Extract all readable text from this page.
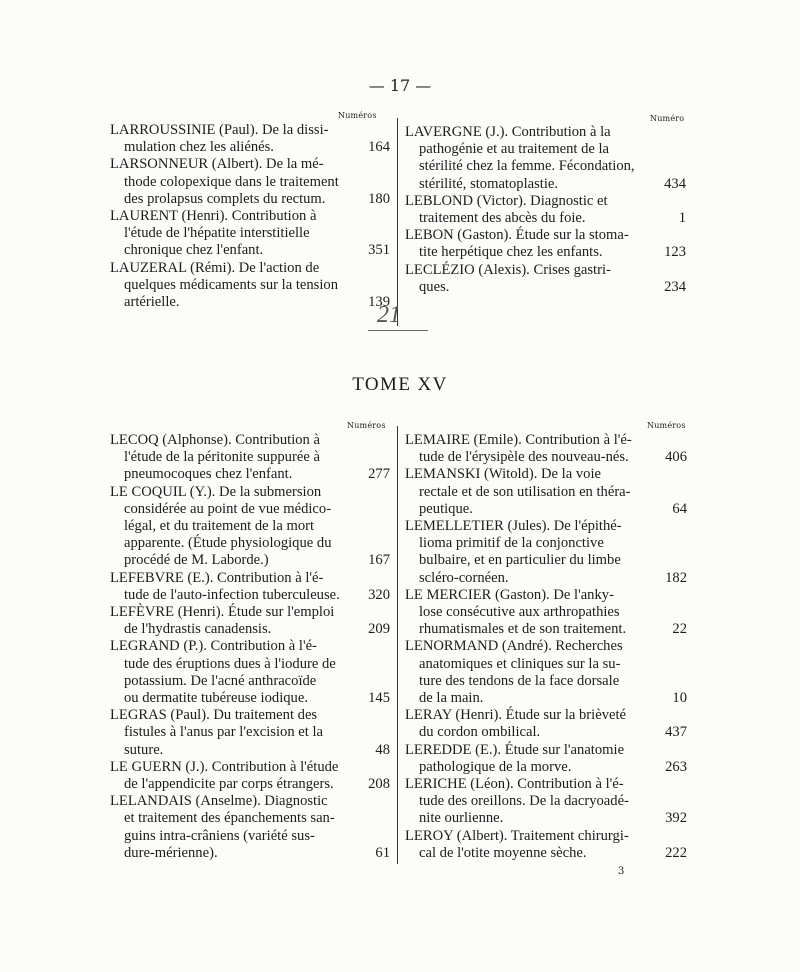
— 17 —
Numéros	Numéro
LARROUSSINIE (Paul). De la dissi-
mulation chez les aliénés.	164
LARSONNEUR (Albert). De la mé-
thode colopexique dans le traitement
des prolapsus complets du rectum.	180
LAURENT (Henri). Contribution à
l'étude de l'hépatite interstitielle
chronique chez l'enfant.	351
LAUZERAL (Rémi). De l'action de
quelques médicaments sur la tension
artérielle.	139
LAVERGNE (J.). Contribution à la
pathogénie et au traitement de la
stérilité chez la femme. Fécondation,
stérilité, stomatoplastie.	434
LEBLOND (Victor). Diagnostic et
traitement des abcès du foie.	1
LEBON (Gaston). Étude sur la stoma-
tite herpétique chez les enfants.	123
LECLÉZIO (Alexis). Crises gastri-
ques.	234
21
TOME XV
Numéros	Numéros
LECOQ (Alphonse). Contribution à
l'étude de la péritonite suppurée à
pneumocoques chez l'enfant.	277
LE COQUIL (Y.). De la submersion
considérée au point de vue médico-
légal, et du traitement de la mort
apparente. (Étude physiologique du
procédé de M. Laborde.)	167
LEFEBVRE (E.). Contribution à l'é-
tude de l'auto-infection tuberculeuse. 320
LEFÈVRE (Henri). Étude sur l'emploi
de l'hydrastis canadensis.	209
LEGRAND (P.). Contribution à l'é-
tude des éruptions dues à l'iodure de
potassium. De l'acné anthracoïde
ou dermatite tubéreuse iodique.	145
LEGRAS (Paul). Du traitement des
fistules à l'anus par l'excision et la
suture.	48
LE GUERN (J.). Contribution à l'étude
de l'appendicite par corps étrangers. 208
LELANDAIS (Anselme). Diagnostic
et traitement des épanchements san-
guins intra-crâniens (variété sus-
dure-mérienne).	61
LEMAIRE (Emile). Contribution à l'é-
tude de l'érysipèle des nouveau-nés. 406
LEMANSKI (Witold). De la voie
rectale et de son utilisation en théra-
peutique.	64
LEMELLETIER (Jules). De l'épithé-
lioma primitif de la conjonctive
bulbaire, et en particulier du limbe
scléro-cornéen.	182
LE MERCIER (Gaston). De l'anky-
lose consécutive aux arthropathies
rhumatismales et de son traitement.	22
LENORMAND (André). Recherches
anatomiques et cliniques sur la su-
ture des tendons de la face dorsale
de la main.	10
LERAY (Henri). Étude sur la brièveté
du cordon ombilical.	437
LEREDDE (E.). Étude sur l'anatomie
pathologique de la morve.	263
LERICHE (Léon). Contribution à l'é-
tude des oreillons. De la dacryoadé-
nite ourlienne.	392
LEROY (Albert). Traitement chirurgi-
cal de l'otite moyenne sèche.	222
3
